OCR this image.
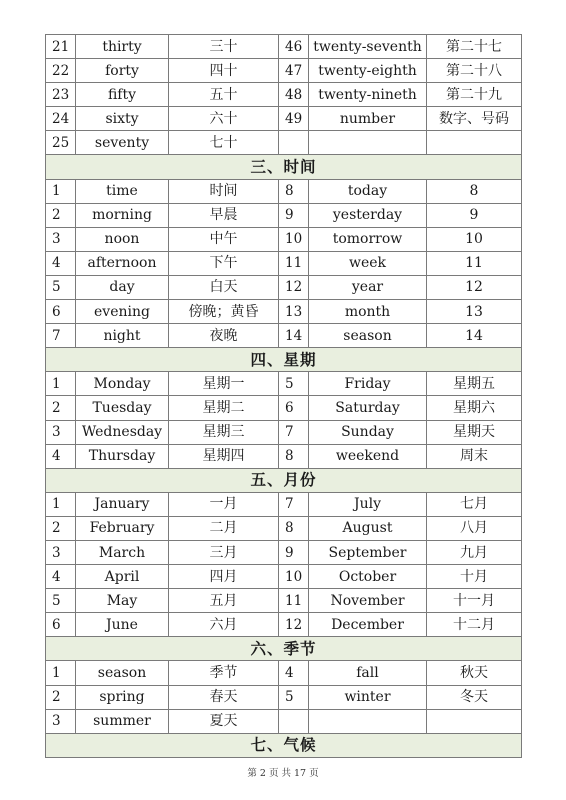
21	thirty	三十	46	twenty-seventh	第二十七
22	forty	四十	47	twenty-eighth	第二十八
23	fifty	五十	48	twenty-nineth	第二十九
24	sixty	六十	49	number	数字、号码
25	seventy	七十			
三、时间					
1	time	时间	8	today	8
2	morning	早晨	9	yesterday	9
3	noon	中午	10	tomorrow	10
4	afternoon	下午	11	week	11
5	day	白天	12	year	12
6	evening	傍晚；黄昏	13	month	13
7	night	夜晚	14	season	14
四、星期					
1	Monday	星期一	5	Friday	星期五
2	Tuesday	星期二	6	Saturday	星期六
3	Wednesday	星期三	7	Sunday	星期天
4	Thursday	星期四	8	weekend	周末
五、月份					
1	January	一月	7	July	七月
2	February	二月	8	August	八月
3	March	三月	9	September	九月
4	April	四月	10	October	十月
5	May	五月	11	November	十一月
6	June	六月	12	December	十二月
六、季节					
1	season	季节	4	fall	秋天
2	spring	春天	5	winter	冬天
3	summer	夏天			
七、气候					
第 2 页 共 17 页
